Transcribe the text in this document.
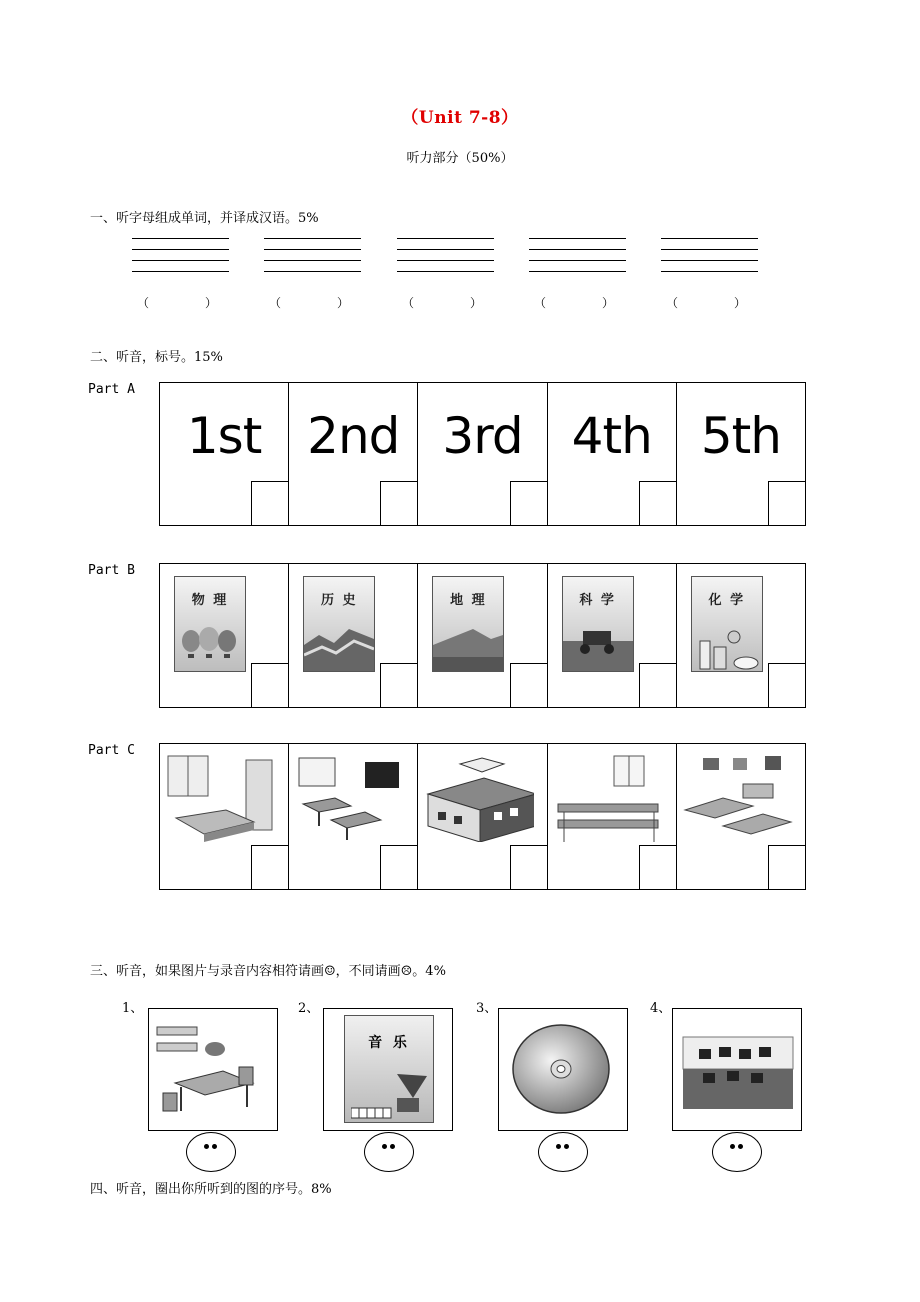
（Unit 7-8）
听力部分（50%）
一、听字母组成单词，并译成汉语。5%
（	）	（	）	（	）	（	）	（	）
二、听音，标号。15%
Part A
1st 2nd 3rd 4th 5th
Part B
物 理	历 史	地 理	科 学	化 学
Part C
三、听音，如果图片与录音内容相符请画☺，不同请画☹。4%
1、	2、	3、	4、
音 乐
四、听音，圈出你所听到的图的序号。8%
